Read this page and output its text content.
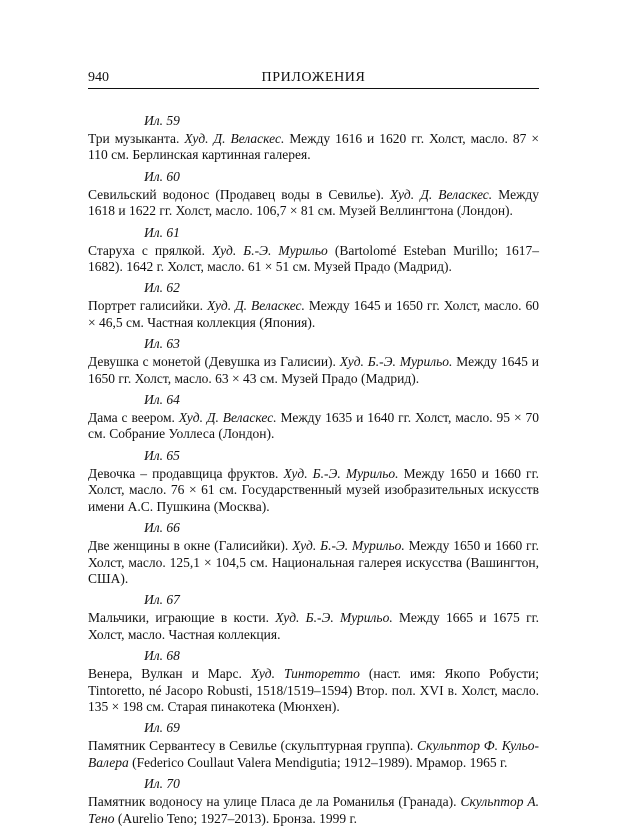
940	ПРИЛОЖЕНИЯ
Ил. 59
Три музыканта. Худ. Д. Веласкес. Между 1616 и 1620 гг. Холст, масло. 87 × 110 см. Берлинская картинная галерея.
Ил. 60
Севильский водонос (Продавец воды в Севилье). Худ. Д. Веласкес. Между 1618 и 1622 гг. Холст, масло. 106,7 × 81 см. Музей Веллингтона (Лондон).
Ил. 61
Старуха с прялкой. Худ. Б.-Э. Мурильо (Bartolomé Esteban Murillo; 1617–1682). 1642 г. Холст, масло. 61 × 51 см. Музей Прадо (Мадрид).
Ил. 62
Портрет галисийки. Худ. Д. Веласкес. Между 1645 и 1650 гг. Холст, масло. 60 × 46,5 см. Частная коллекция (Япония).
Ил. 63
Девушка с монетой (Девушка из Галисии). Худ. Б.-Э. Мурильо. Между 1645 и 1650 гг. Холст, масло. 63 × 43 см. Музей Прадо (Мадрид).
Ил. 64
Дама с веером. Худ. Д. Веласкес. Между 1635 и 1640 гг. Холст, масло. 95 × 70 см. Собрание Уоллеса (Лондон).
Ил. 65
Девочка – продавщица фруктов. Худ. Б.-Э. Мурильо. Между 1650 и 1660 гг. Холст, масло. 76 × 61 см. Государственный музей изобразительных искусств имени А.С. Пушкина (Москва).
Ил. 66
Две женщины в окне (Галисийки). Худ. Б.-Э. Мурильо. Между 1650 и 1660 гг. Холст, масло. 125,1 × 104,5 см. Национальная галерея искусства (Вашингтон, США).
Ил. 67
Мальчики, играющие в кости. Худ. Б.-Э. Мурильо. Между 1665 и 1675 гг. Холст, масло. Частная коллекция.
Ил. 68
Венера, Вулкан и Марс. Худ. Тинторетто (наст. имя: Якопо Робусти; Tintoretto, né Jacopo Robusti, 1518/1519–1594) Втор. пол. XVI в. Холст, масло. 135 × 198 см. Старая пинакотека (Мюнхен).
Ил. 69
Памятник Сервантесу в Севилье (скульптурная группа). Скульптор Ф. Кульо-Валера (Federico Coullaut Valera Mendigutia; 1912–1989). Мрамор. 1965 г.
Ил. 70
Памятник водоносу на улице Пласа де ла Романилья (Гранада). Скульптор А. Тено (Aurelio Teno; 1927–2013). Бронза. 1999 г.
